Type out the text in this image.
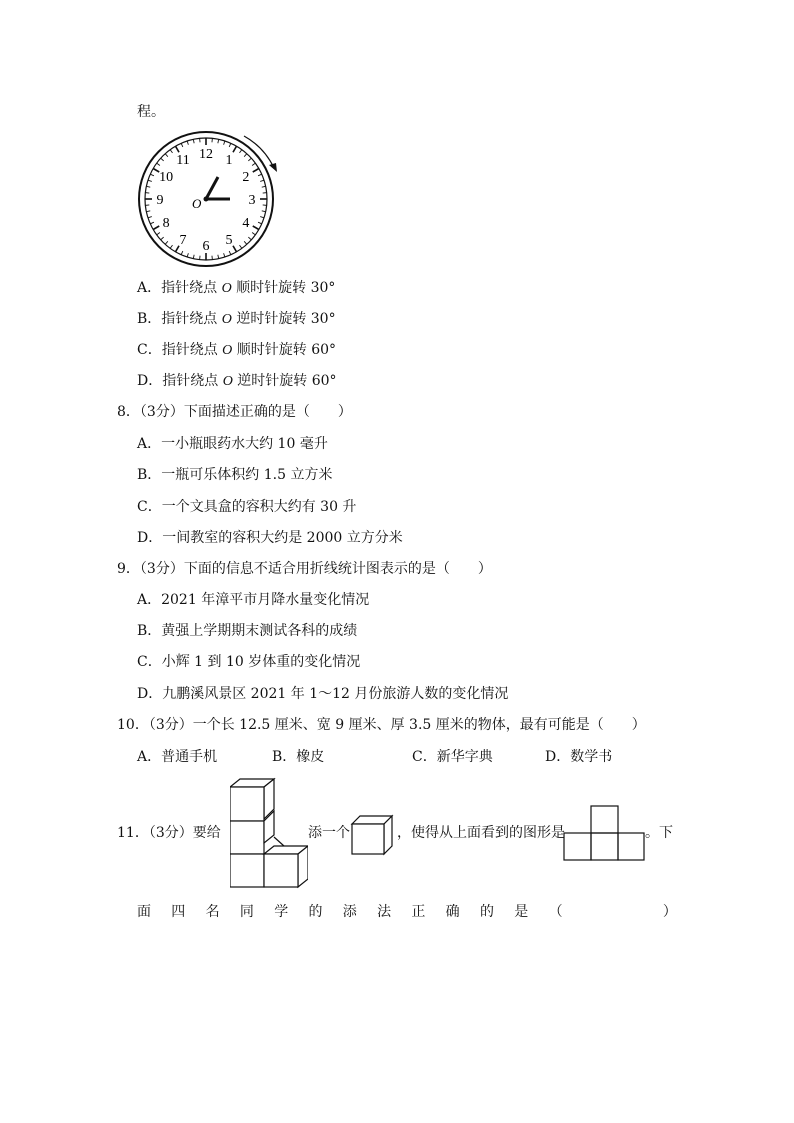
程。
12 1
2
3
4
5
6
7
8
9
10
11
O
A．指针绕点 O 顺时针旋转 30°
B．指针绕点 O 逆时针旋转 30°
C．指针绕点 O 顺时针旋转 60°
D．指针绕点 O 逆时针旋转 60°
8．（3分）下面描述正确的是（　　）
A．一小瓶眼药水大约 10 毫升
B．一瓶可乐体积约 1.5 立方米
C．一个文具盒的容积大约有 30 升
D．一间教室的容积大约是 2000 立方分米
9．（3分）下面的信息不适合用折线统计图表示的是（　　）
A．2021 年漳平市月降水量变化情况
B．黄强上学期期末测试各科的成绩
C．小辉 1 到 10 岁体重的变化情况
D．九鹏溪风景区 2021 年 1～12 月份旅游人数的变化情况
10．（3分）一个长 12.5 厘米、宽 9 厘米、厚 3.5 厘米的物体，最有可能是（　　）
A．普通手机	B．橡皮	C．新华字典	D．数学书
11．（3分）要给	添一个	，使得从上面看到的图形是	。下
面 四 名 同 学 的 添 法 正 确 的 是 （	）
